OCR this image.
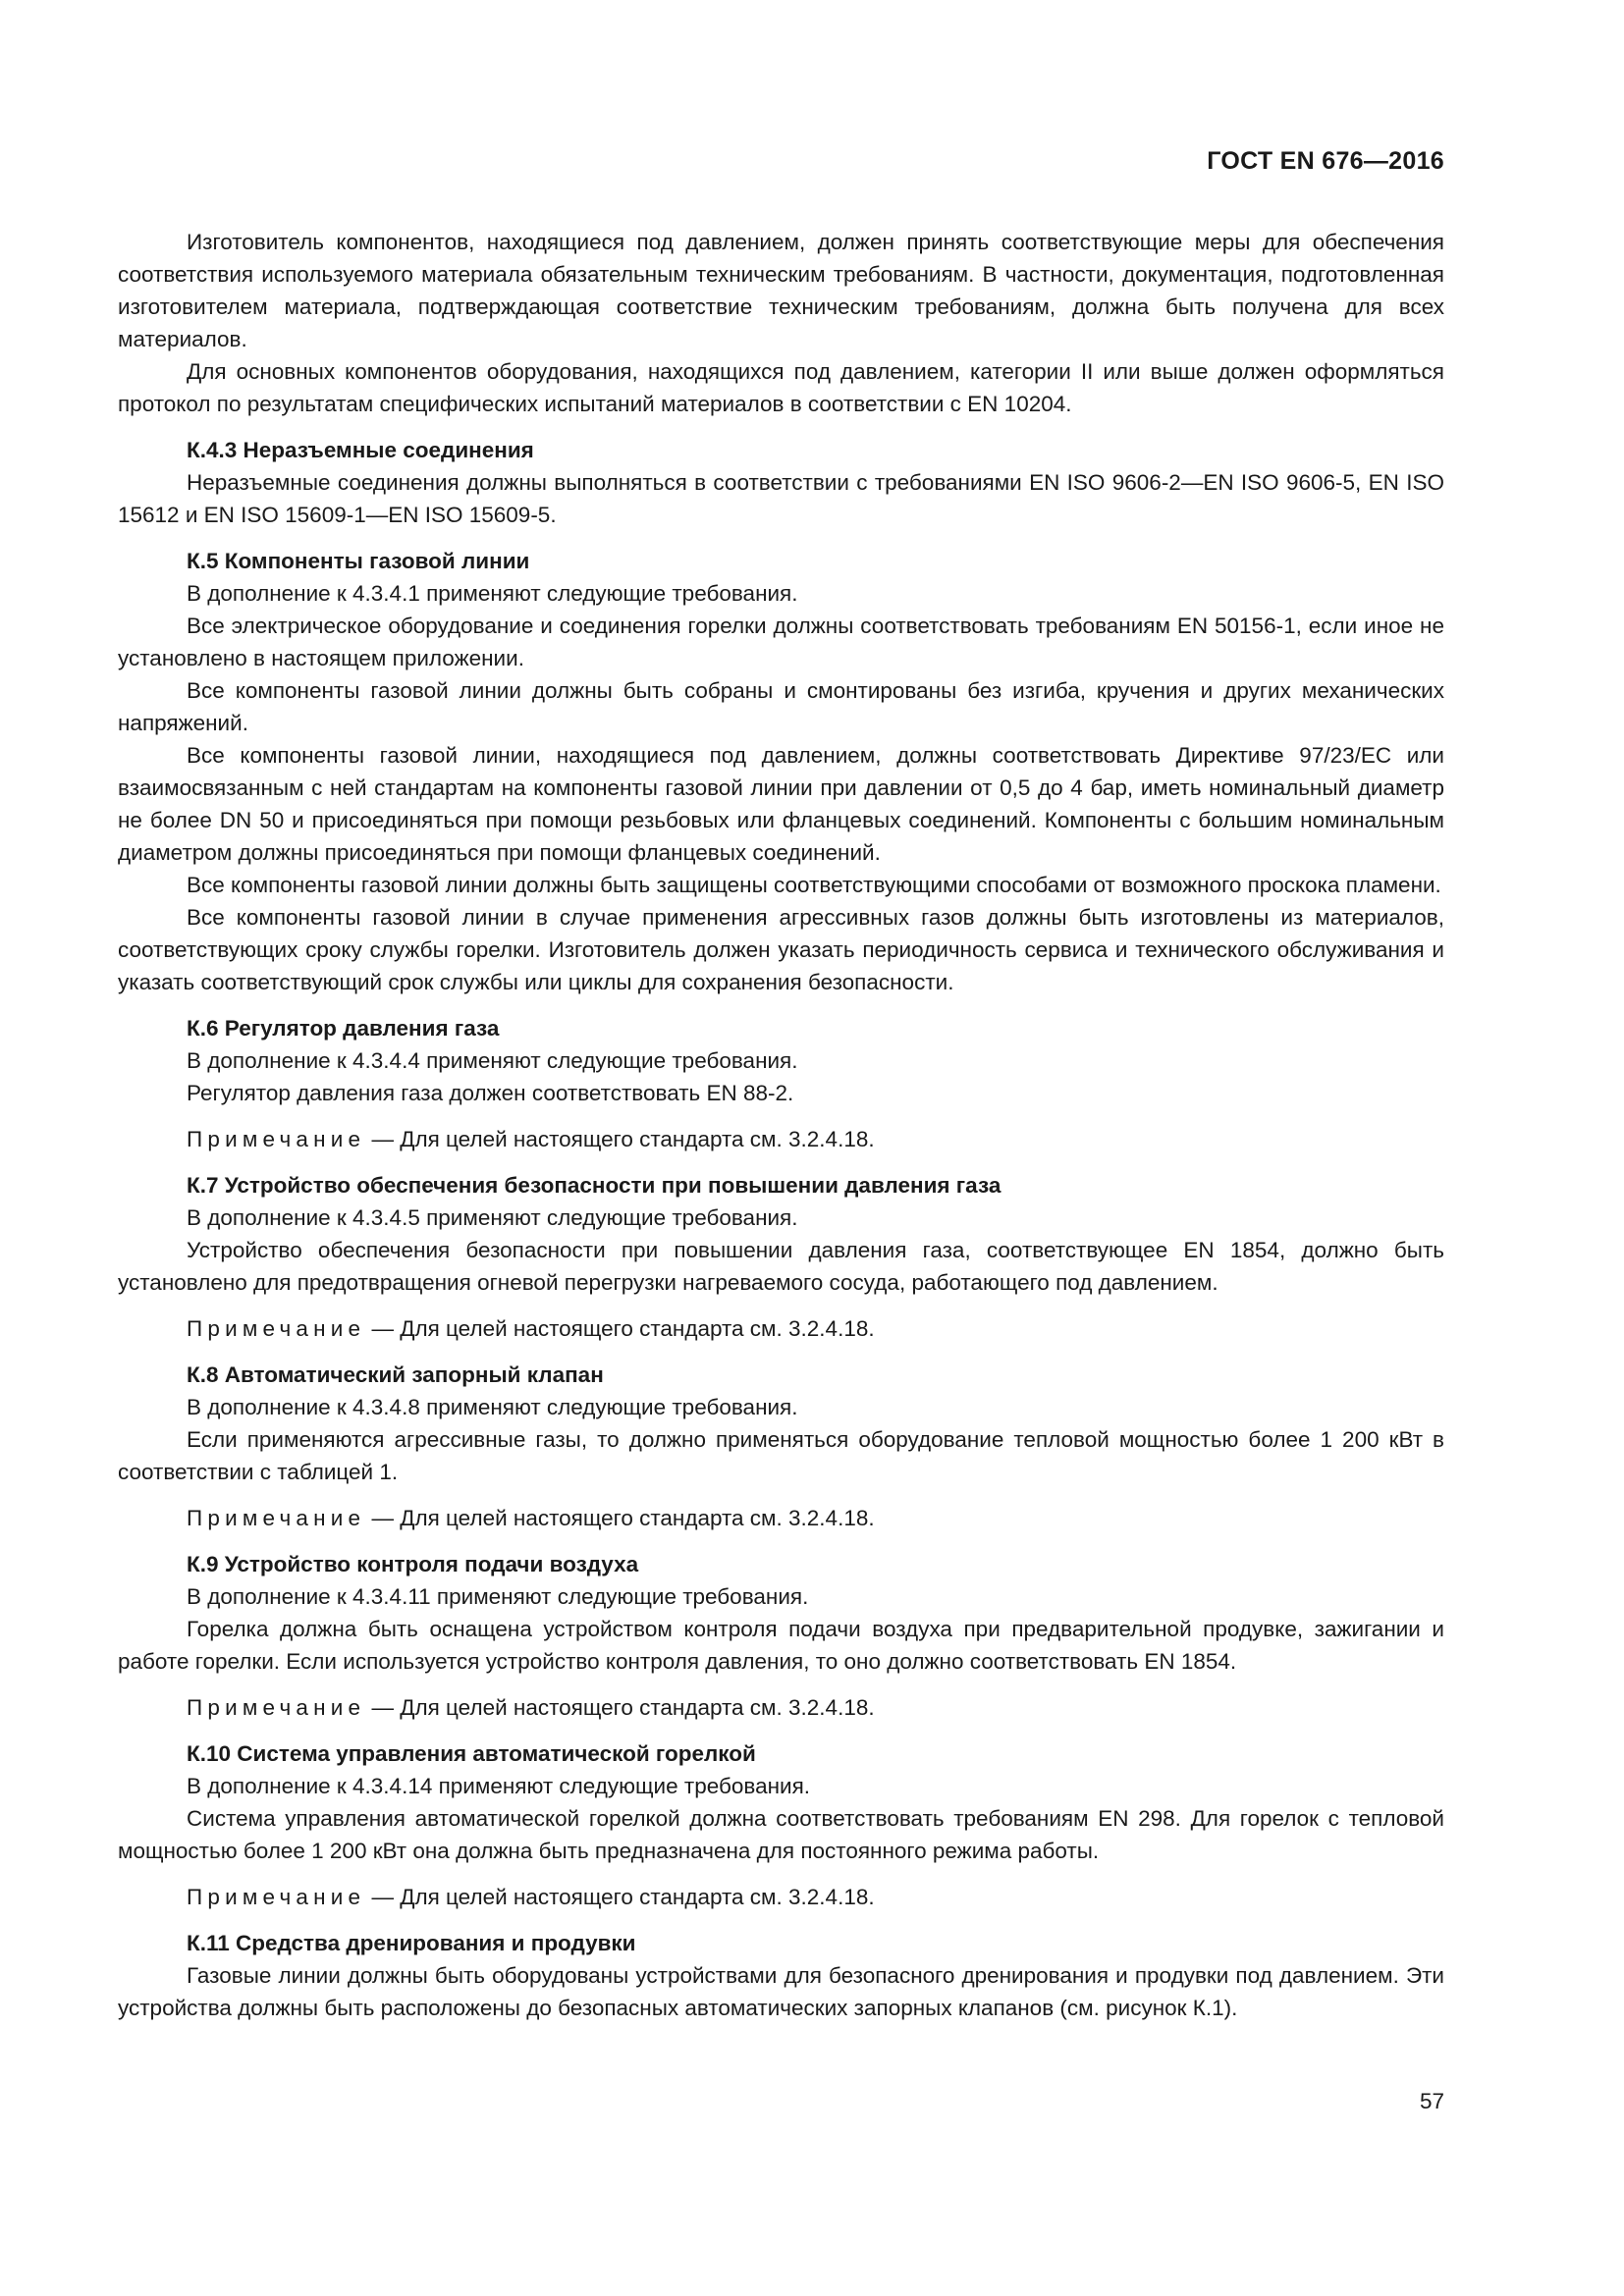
ГОСТ EN 676—2016

Изготовитель компонентов, находящиеся под давлением, должен принять соответствующие меры для обеспечения соответствия используемого материала обязательным техническим требованиям. В частности, документация, подготовленная изготовителем материала, подтверждающая соответствие техническим требованиям, должна быть получена для всех материалов.

Для основных компонентов оборудования, находящихся под давлением, категории II или выше должен оформляться протокол по результатам специфических испытаний материалов в соответствии с EN 10204.

К.4.3 Неразъемные соединения

Неразъемные соединения должны выполняться в соответствии с требованиями EN ISO 9606-2—EN ISO 9606-5, EN ISO 15612 и EN ISO 15609-1—EN ISO 15609-5.

К.5 Компоненты газовой линии

В дополнение к 4.3.4.1 применяют следующие требования.

Все электрическое оборудование и соединения горелки должны соответствовать требованиям EN 50156-1, если иное не установлено в настоящем приложении.

Все компоненты газовой линии должны быть собраны и смонтированы без изгиба, кручения и других механических напряжений.

Все компоненты газовой линии, находящиеся под давлением, должны соответствовать Директиве 97/23/EC или взаимосвязанным с ней стандартам на компоненты газовой линии при давлении от 0,5 до 4 бар, иметь номинальный диаметр не более DN 50 и присоединяться при помощи резьбовых или фланцевых соединений. Компоненты с большим номинальным диаметром должны присоединяться при помощи фланцевых соединений.

Все компоненты газовой линии должны быть защищены соответствующими способами от возможного проскока пламени.

Все компоненты газовой линии в случае применения агрессивных газов должны быть изготовлены из материалов, соответствующих сроку службы горелки. Изготовитель должен указать периодичность сервиса и технического обслуживания и указать соответствующий срок службы или циклы для сохранения безопасности.

К.6 Регулятор давления газа

В дополнение к 4.3.4.4 применяют следующие требования.

Регулятор давления газа должен соответствовать EN 88-2.

Примечание — Для целей настоящего стандарта см. 3.2.4.18.

К.7 Устройство обеспечения безопасности при повышении давления газа

В дополнение к 4.3.4.5 применяют следующие требования.

Устройство обеспечения безопасности при повышении давления газа, соответствующее EN 1854, должно быть установлено для предотвращения огневой перегрузки нагреваемого сосуда, работающего под давлением.

Примечание — Для целей настоящего стандарта см. 3.2.4.18.

К.8 Автоматический запорный клапан

В дополнение к 4.3.4.8 применяют следующие требования.

Если применяются агрессивные газы, то должно применяться оборудование тепловой мощностью более 1 200 кВт в соответствии с таблицей 1.

Примечание — Для целей настоящего стандарта см. 3.2.4.18.

К.9 Устройство контроля подачи воздуха

В дополнение к 4.3.4.11 применяют следующие требования.

Горелка должна быть оснащена устройством контроля подачи воздуха при предварительной продувке, зажигании и работе горелки. Если используется устройство контроля давления, то оно должно соответствовать EN 1854.

Примечание — Для целей настоящего стандарта см. 3.2.4.18.

К.10 Система управления автоматической горелкой

В дополнение к 4.3.4.14 применяют следующие требования.

Система управления автоматической горелкой должна соответствовать требованиям EN 298. Для горелок с тепловой мощностью более 1 200 кВт она должна быть предназначена для постоянного режима работы.

Примечание — Для целей настоящего стандарта см. 3.2.4.18.

К.11 Средства дренирования и продувки

Газовые линии должны быть оборудованы устройствами для безопасного дренирования и продувки под давлением. Эти устройства должны быть расположены до безопасных автоматических запорных клапанов (см. рисунок К.1).

57
